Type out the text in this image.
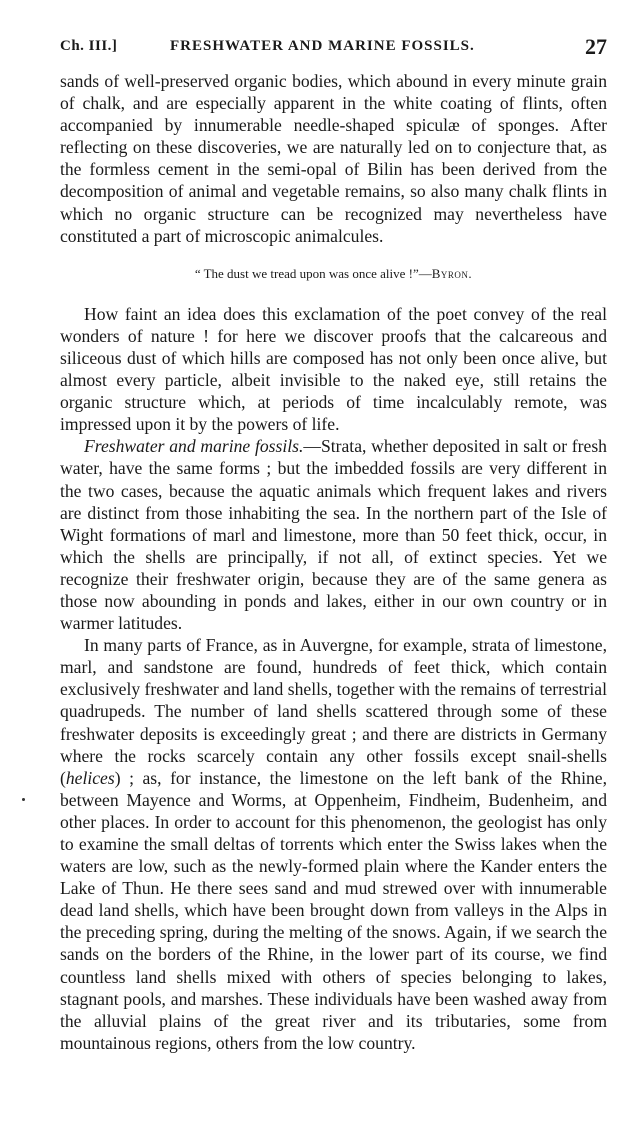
Ch. III.]	FRESHWATER AND MARINE FOSSILS.	27

sands of well-preserved organic bodies, which abound in every minute grain of chalk, and are especially apparent in the white coating of flints, often accompanied by innumerable needle-shaped spiculæ of sponges. After reflecting on these discoveries, we are naturally led on to conjecture that, as the formless cement in the semi-opal of Bilin has been derived from the decomposition of animal and vegetable remains, so also many chalk flints in which no organic structure can be recognized may nevertheless have constituted a part of microscopic animalcules.

“ The dust we tread upon was once alive !”—Byron.

How faint an idea does this exclamation of the poet convey of the real wonders of nature ! for here we discover proofs that the calcareous and siliceous dust of which hills are composed has not only been once alive, but almost every particle, albeit invisible to the naked eye, still retains the organic structure which, at periods of time incalculably remote, was impressed upon it by the powers of life.

Freshwater and marine fossils.—Strata, whether deposited in salt or fresh water, have the same forms ; but the imbedded fossils are very different in the two cases, because the aquatic animals which frequent lakes and rivers are distinct from those inhabiting the sea. In the northern part of the Isle of Wight formations of marl and limestone, more than 50 feet thick, occur, in which the shells are principally, if not all, of extinct species. Yet we recognize their freshwater origin, because they are of the same genera as those now abounding in ponds and lakes, either in our own country or in warmer latitudes.

In many parts of France, as in Auvergne, for example, strata of limestone, marl, and sandstone are found, hundreds of feet thick, which contain exclusively freshwater and land shells, together with the remains of terrestrial quadrupeds. The number of land shells scattered through some of these freshwater deposits is exceedingly great ; and there are districts in Germany where the rocks scarcely contain any other fossils except snail-shells (helices) ; as, for instance, the limestone on the left bank of the Rhine, between Mayence and Worms, at Oppenheim, Findheim, Budenheim, and other places. In order to account for this phenomenon, the geologist has only to examine the small deltas of torrents which enter the Swiss lakes when the waters are low, such as the newly-formed plain where the Kander enters the Lake of Thun. He there sees sand and mud strewed over with innumerable dead land shells, which have been brought down from valleys in the Alps in the preceding spring, during the melting of the snows. Again, if we search the sands on the borders of the Rhine, in the lower part of its course, we find countless land shells mixed with others of species belonging to lakes, stagnant pools, and marshes. These individuals have been washed away from the alluvial plains of the great river and its tributaries, some from mountainous regions, others from the low country.
